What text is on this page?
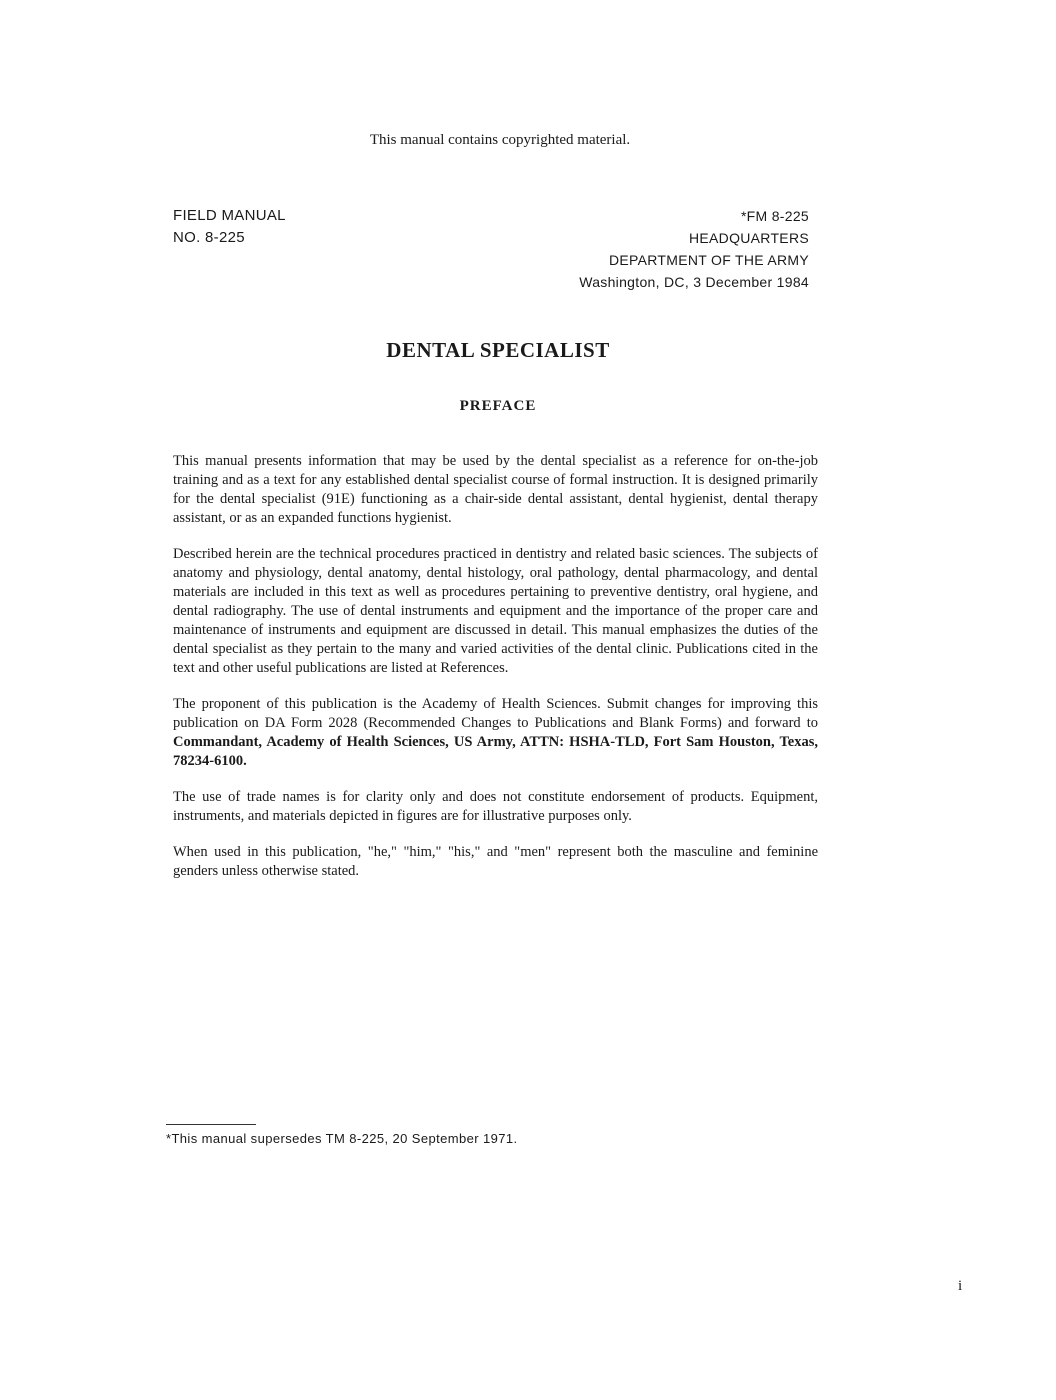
This manual contains copyrighted material.
FIELD MANUAL
NO. 8-225
*FM 8-225
HEADQUARTERS
DEPARTMENT OF THE ARMY
Washington, DC, 3 December 1984
DENTAL SPECIALIST
PREFACE

This manual presents information that may be used by the dental specialist as a reference for on-the-job training and as a text for any established dental specialist course of formal instruction. It is designed primarily for the dental specialist (91E) functioning as a chair-side dental assistant, dental hygienist, dental therapy assistant, or as an expanded functions hygienist.

Described herein are the technical procedures practiced in dentistry and related basic sciences. The subjects of anatomy and physiology, dental anatomy, dental histology, oral pathology, dental pharmacology, and dental materials are included in this text as well as procedures pertaining to preventive dentistry, oral hygiene, and dental radiography. The use of dental instruments and equipment and the importance of the proper care and maintenance of instruments and equipment are discussed in detail. This manual emphasizes the duties of the dental specialist as they pertain to the many and varied activities of the dental clinic. Publications cited in the text and other useful publications are listed at References.

The proponent of this publication is the Academy of Health Sciences. Submit changes for improving this publication on DA Form 2028 (Recommended Changes to Publications and Blank Forms) and forward to Commandant, Academy of Health Sciences, US Army, ATTN: HSHA-TLD, Fort Sam Houston, Texas, 78234-6100.

The use of trade names is for clarity only and does not constitute endorsement of products. Equipment, instruments, and materials depicted in figures are for illustrative purposes only.

When used in this publication, "he," "him," "his," and "men" represent both the masculine and feminine genders unless otherwise stated.

*This manual supersedes TM 8-225, 20 September 1971.
i
